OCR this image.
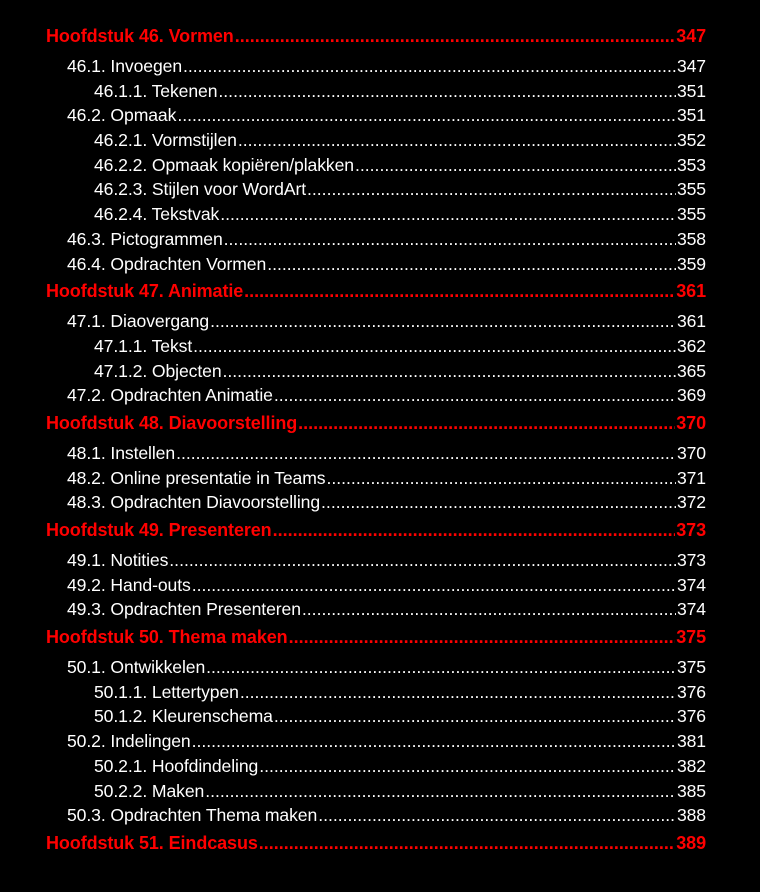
Hoofdstuk 46. Vormen .....	347
46.1. Invoegen .....	347
46.1.1. Tekenen .....	351
46.2. Opmaak .....	351
46.2.1. Vormstijlen .....	352
46.2.2. Opmaak kopiëren/plakken .....	353
46.2.3. Stijlen voor WordArt .....	355
46.2.4. Tekstvak .....	355
46.3. Pictogrammen .....	358
46.4. Opdrachten Vormen .....	359
Hoofdstuk 47. Animatie .....	361
47.1. Diaovergang .....	361
47.1.1. Tekst .....	362
47.1.2. Objecten .....	365
47.2. Opdrachten Animatie .....	369
Hoofdstuk 48. Diavoorstelling .....	370
48.1. Instellen .....	370
48.2. Online presentatie in Teams .....	371
48.3. Opdrachten Diavoorstelling .....	372
Hoofdstuk 49. Presenteren .....	373
49.1. Notities .....	373
49.2. Hand-outs .....	374
49.3. Opdrachten Presenteren .....	374
Hoofdstuk 50. Thema maken .....	375
50.1. Ontwikkelen .....	375
50.1.1. Lettertypen .....	376
50.1.2. Kleurenschema .....	376
50.2. Indelingen .....	381
50.2.1. Hoofdindeling .....	382
50.2.2. Maken .....	385
50.3. Opdrachten Thema maken .....	388
Hoofdstuk 51. Eindcasus .....	389
